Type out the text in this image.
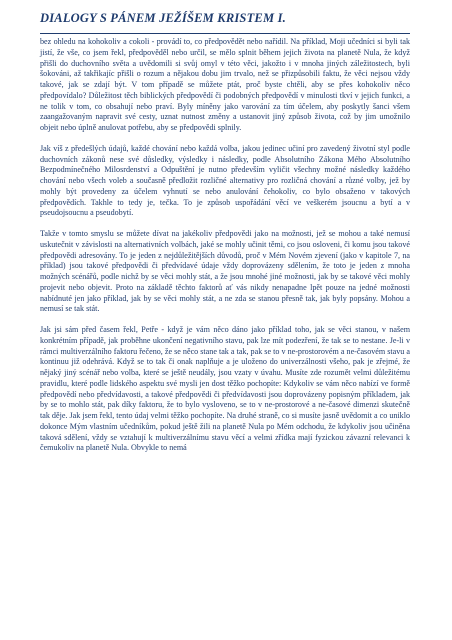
DIALOGY S PÁNEM JEŽÍŠEM KRISTEM I.

bez ohledu na kohokoliv a cokoli - provádí to, co předpovědět nebo nařídil. Na příklad, Moji učedníci si byli tak jistí, že vše, co jsem řekl, předpověděl nebo určil, se mělo splnit během jejich života na planetě Nula, že když přišli do duchovního světa a uvědomili si svůj omyl v této věci, jakožto i v mnoha jiných záležitostech, byli šokováni, až takřikajíc přišli o rozum a nějakou dobu jim trvalo, než se přizpůsobili faktu, že věci nejsou vždy takové, jak se zdají být. V tom případě se můžete ptát, proč byste chtěli, aby se přes kohokoliv něco předpovídalo? Důležitost těch biblických předpovědí či podobných předpovědí v minulosti tkví v jejich funkci, a ne tolik v tom, co obsahují nebo praví. Byly míněny jako varování za tím účelem, aby poskytly šanci všem zaangažovaným napravit své cesty, uznat nutnost změny a ustanovit jiný způsob života, což by jim umožnilo objeit nebo úplně anulovat potřebu, aby se předpovědi splnily.

Jak víš z předešlých údajů, každé chování nebo každá volba, jakou jedinec učiní pro zavedený životní styl podle duchovních zákonů nese své důsledky, výsledky i následky, podle Absolutního Zákona Mého Absolutního Bezpodmínečného Milosrdenství a Odpuštění je nutno především vyličit všechny možné následky každého chování nebo všech voleb a současně předložit rozličné alternativy pro rozličná chování a různé volby, jež by mohly být provedeny za účelem vyhnutí se nebo anulování čehokoliv, co bylo obsaženo v takových předpovědích. Takhle to tedy je, tečka. To je způsob uspořádání věcí ve veškerém jsoucnu a bytí a v pseudojsoucnu a pseudobytí.

Takže v tomto smyslu se můžete dívat na jakékoliv předpovědi jako na možnosti, jež se mohou a také nemusí uskutečnit v závislosti na alternativních volbách, jaké se mohly učinit těmi, co jsou osloveni, či komu jsou takové předpovědi adresovány. To je jeden z nejdůležitějších důvodů, proč v Mém Novém zjevení (jako v kapitole 7, na příklad) jsou takové předpovědi či předvídavé údaje vždy doprovázeny sdělením, že toto je jeden z mnoha možných scénářů, podle nichž by se věci mohly stát, a že jsou mnohé jiné možnosti, jak by se takové věci mohly projevit nebo objevit. Proto na základě těchto faktorů ať vás nikdy nenapadne lpět pouze na jedné možnosti nabídnuté jen jako příklad, jak by se věci mohly stát, a ne zda se stanou přesně tak, jak byly popsány. Mohou a nemusí se tak stát.

Jak jsi sám před časem řekl, Petře - když je vám něco dáno jako příklad toho, jak se věci stanou, v našem konkrétním případě, jak proběhne ukončení negativního stavu, pak lze mít podezření, že tak se to nestane. Je-li v rámci multiverzálního faktoru řečeno, že se něco stane tak a tak, pak se to v ne-prostorovém a ne-časovém stavu a kontinuu již odehrává. Když se to tak či onak naplňuje a je uloženo do univerzálnosti všeho, pak je zřejmé, že nějaký jiný scénář nebo volba, které se ještě neudály, jsou vzaty v úvahu. Musíte zde rozumět velmi důležitému pravidlu, které podle lidského aspektu své mysli jen dost těžko pochopíte: Kdykoliv se vám něco nabízí ve formě předpovědí nebo předvídavosti, a takové předpovědi či předvídavosti jsou doprovázeny popisným příkladem, jak by se to mohlo stát, pak díky faktoru, že to bylo vysloveno, se to v ne-prostorové a ne-časové dimenzi skutečně tak děje. Jak jsem řekl, tento údaj velmi těžko pochopíte. Na druhé straně, co si musíte jasně uvědomit a co uniklo dokonce Mým vlastním učedníkům, pokud ještě žili na planetě Nula po Mém odchodu, že kdykoliv jsou učiněna taková sdělení, vždy se vztahují k multiverzálnímu stavu věcí a velmi zřídka mají fyzickou závazní relevanci k čemukoliv na planetě Nula. Obvykle to nemá
